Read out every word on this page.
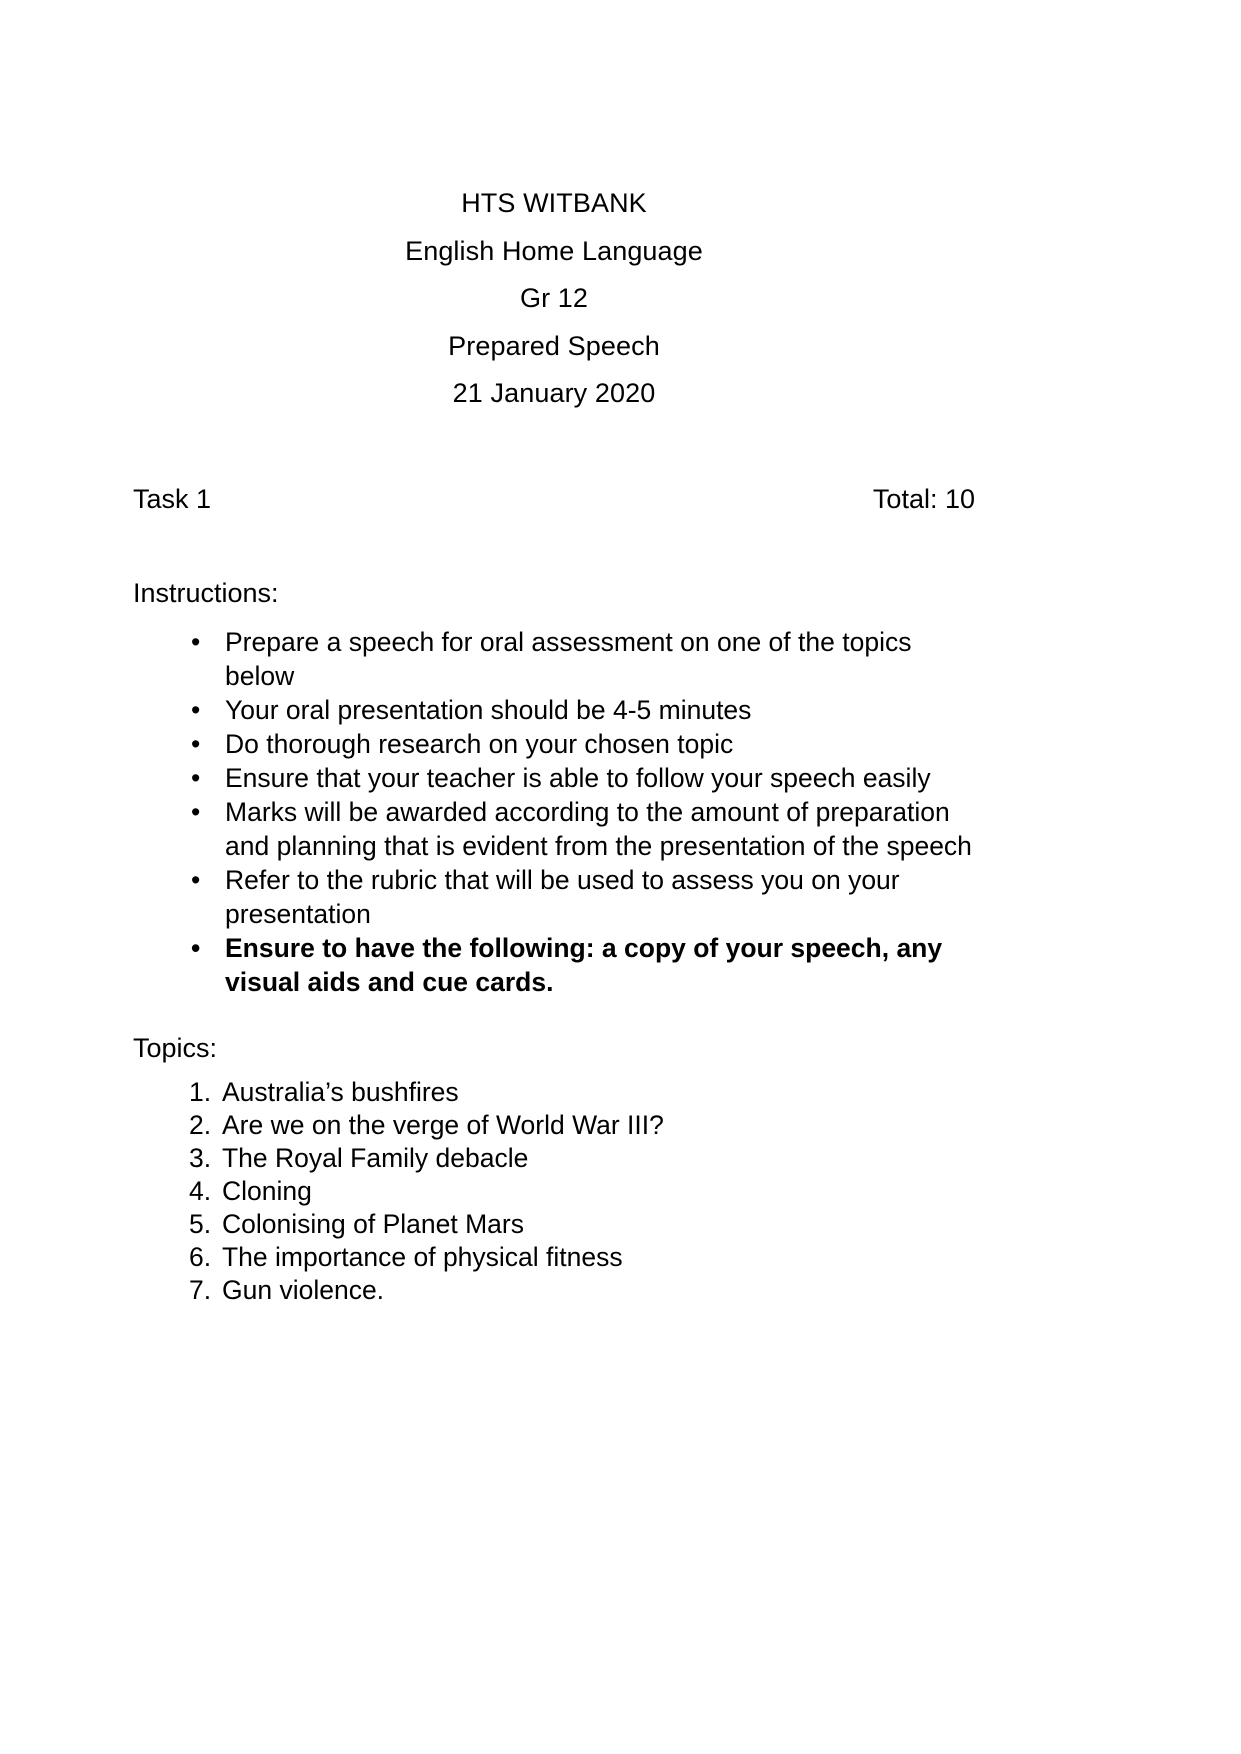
HTS WITBANK
English Home Language
Gr 12
Prepared Speech
21 January 2020
Task 1	Total: 10
Instructions:
• Prepare a speech for oral assessment on one of the topics below
• Your oral presentation should be 4-5 minutes
• Do thorough research on your chosen topic
• Ensure that your teacher is able to follow your speech easily
• Marks will be awarded according to the amount of preparation and planning that is evident from the presentation of the speech
• Refer to the rubric that will be used to assess you on your presentation
• Ensure to have the following: a copy of your speech, any visual aids and cue cards.
Topics:
1. Australia’s bushfires
2. Are we on the verge of World War III?
3. The Royal Family debacle
4. Cloning
5. Colonising of Planet Mars
6. The importance of physical fitness
7. Gun violence.
